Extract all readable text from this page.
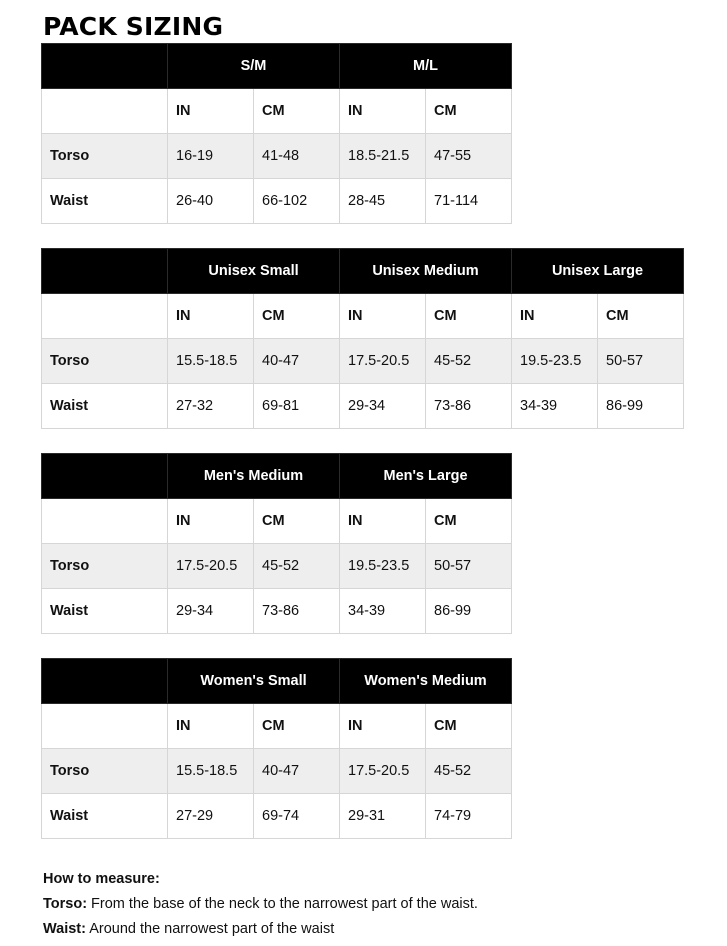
PACK SIZING
	S/M		M/L	
	IN	CM	IN	CM
Torso	16-19	41-48	18.5-21.5	47-55
Waist	26-40	66-102	28-45	71-114
	Unisex Small		Unisex Medium		Unisex Large	
	IN	CM	IN	CM	IN	CM
Torso	15.5-18.5	40-47	17.5-20.5	45-52	19.5-23.5	50-57
Waist	27-32	69-81	29-34	73-86	34-39	86-99
	Men's Medium		Men's Large	
	IN	CM	IN	CM
Torso	17.5-20.5	45-52	19.5-23.5	50-57
Waist	29-34	73-86	34-39	86-99
	Women's Small		Women's Medium	
	IN	CM	IN	CM
Torso	15.5-18.5	40-47	17.5-20.5	45-52
Waist	27-29	69-74	29-31	74-79
How to measure:
Torso: From the base of the neck to the narrowest part of the waist.
Waist: Around the narrowest part of the waist
